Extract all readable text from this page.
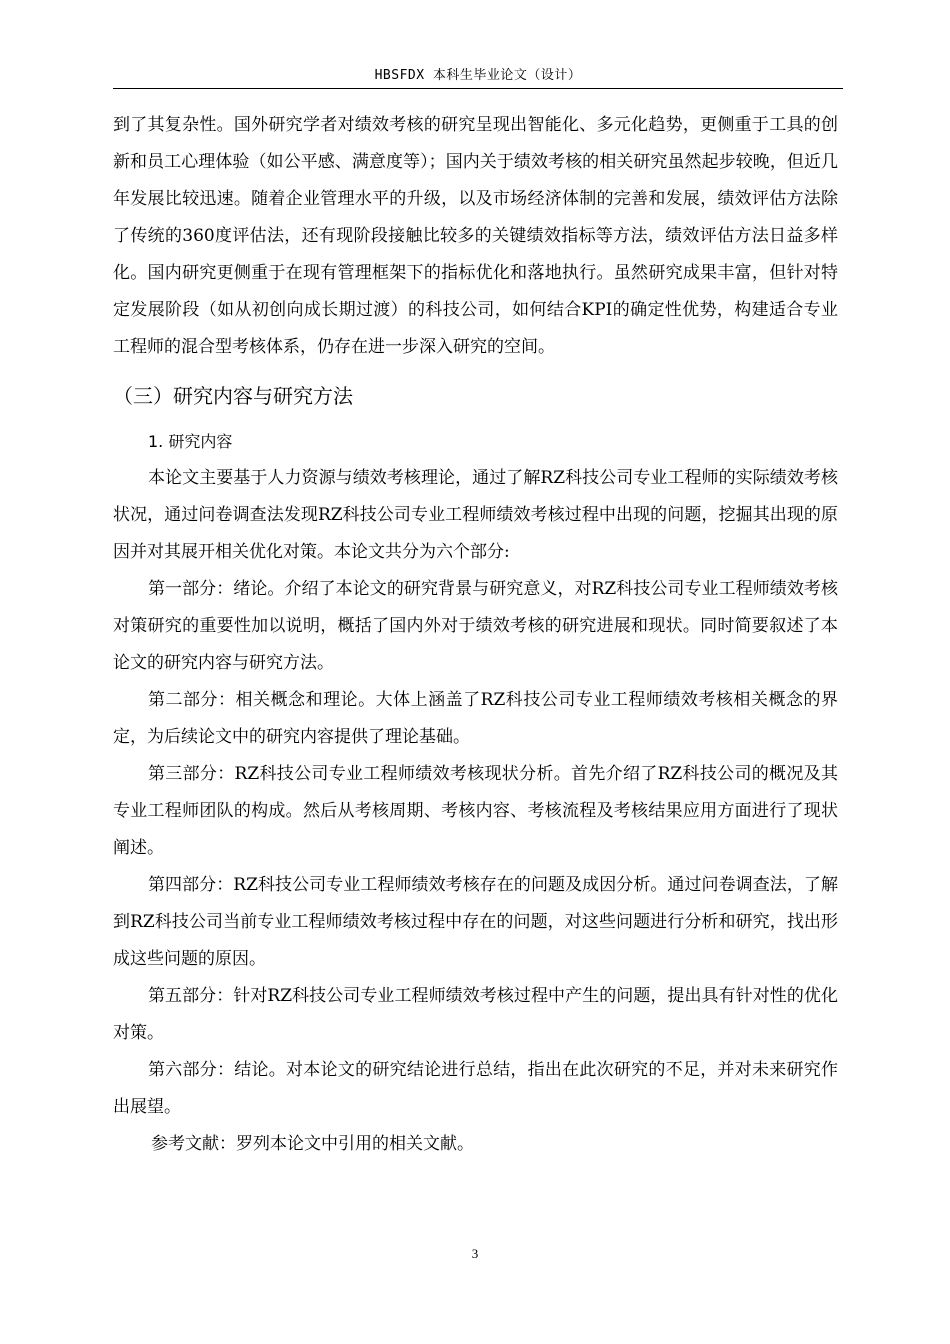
HBSFDX 本科生毕业论文（设计）

到了其复杂性。国外研究学者对绩效考核的研究呈现出智能化、多元化趋势，更侧重于工具的创新和员工心理体验（如公平感、满意度等）；国内关于绩效考核的相关研究虽然起步较晚，但近几年发展比较迅速。随着企业管理水平的升级，以及市场经济体制的完善和发展，绩效评估方法除了传统的360度评估法，还有现阶段接触比较多的关键绩效指标等方法，绩效评估方法日益多样化。国内研究更侧重于在现有管理框架下的指标优化和落地执行。虽然研究成果丰富，但针对特定发展阶段（如从初创向成长期过渡）的科技公司，如何结合KPI的确定性优势，构建适合专业工程师的混合型考核体系，仍存在进一步深入研究的空间。

（三）研究内容与研究方法
1. 研究内容

本论文主要基于人力资源与绩效考核理论，通过了解RZ科技公司专业工程师的实际绩效考核状况，通过问卷调查法发现RZ科技公司专业工程师绩效考核过程中出现的问题，挖掘其出现的原因并对其展开相关优化对策。本论文共分为六个部分:

第一部分：绪论。介绍了本论文的研究背景与研究意义，对RZ科技公司专业工程师绩效考核对策研究的重要性加以说明，概括了国内外对于绩效考核的研究进展和现状。同时简要叙述了本论文的研究内容与研究方法。

第二部分：相关概念和理论。大体上涵盖了RZ科技公司专业工程师绩效考核相关概念的界定，为后续论文中的研究内容提供了理论基础。

第三部分：RZ科技公司专业工程师绩效考核现状分析。首先介绍了RZ科技公司的概况及其专业工程师团队的构成。然后从考核周期、考核内容、考核流程及考核结果应用方面进行了现状阐述。

第四部分：RZ科技公司专业工程师绩效考核存在的问题及成因分析。通过问卷调查法，了解到RZ科技公司当前专业工程师绩效考核过程中存在的问题，对这些问题进行分析和研究，找出形成这些问题的原因。

第五部分：针对RZ科技公司专业工程师绩效考核过程中产生的问题，提出具有针对性的优化对策。

第六部分：结论。对本论文的研究结论进行总结，指出在此次研究的不足，并对未来研究作出展望。

参考文献：罗列本论文中引用的相关文献。

3
